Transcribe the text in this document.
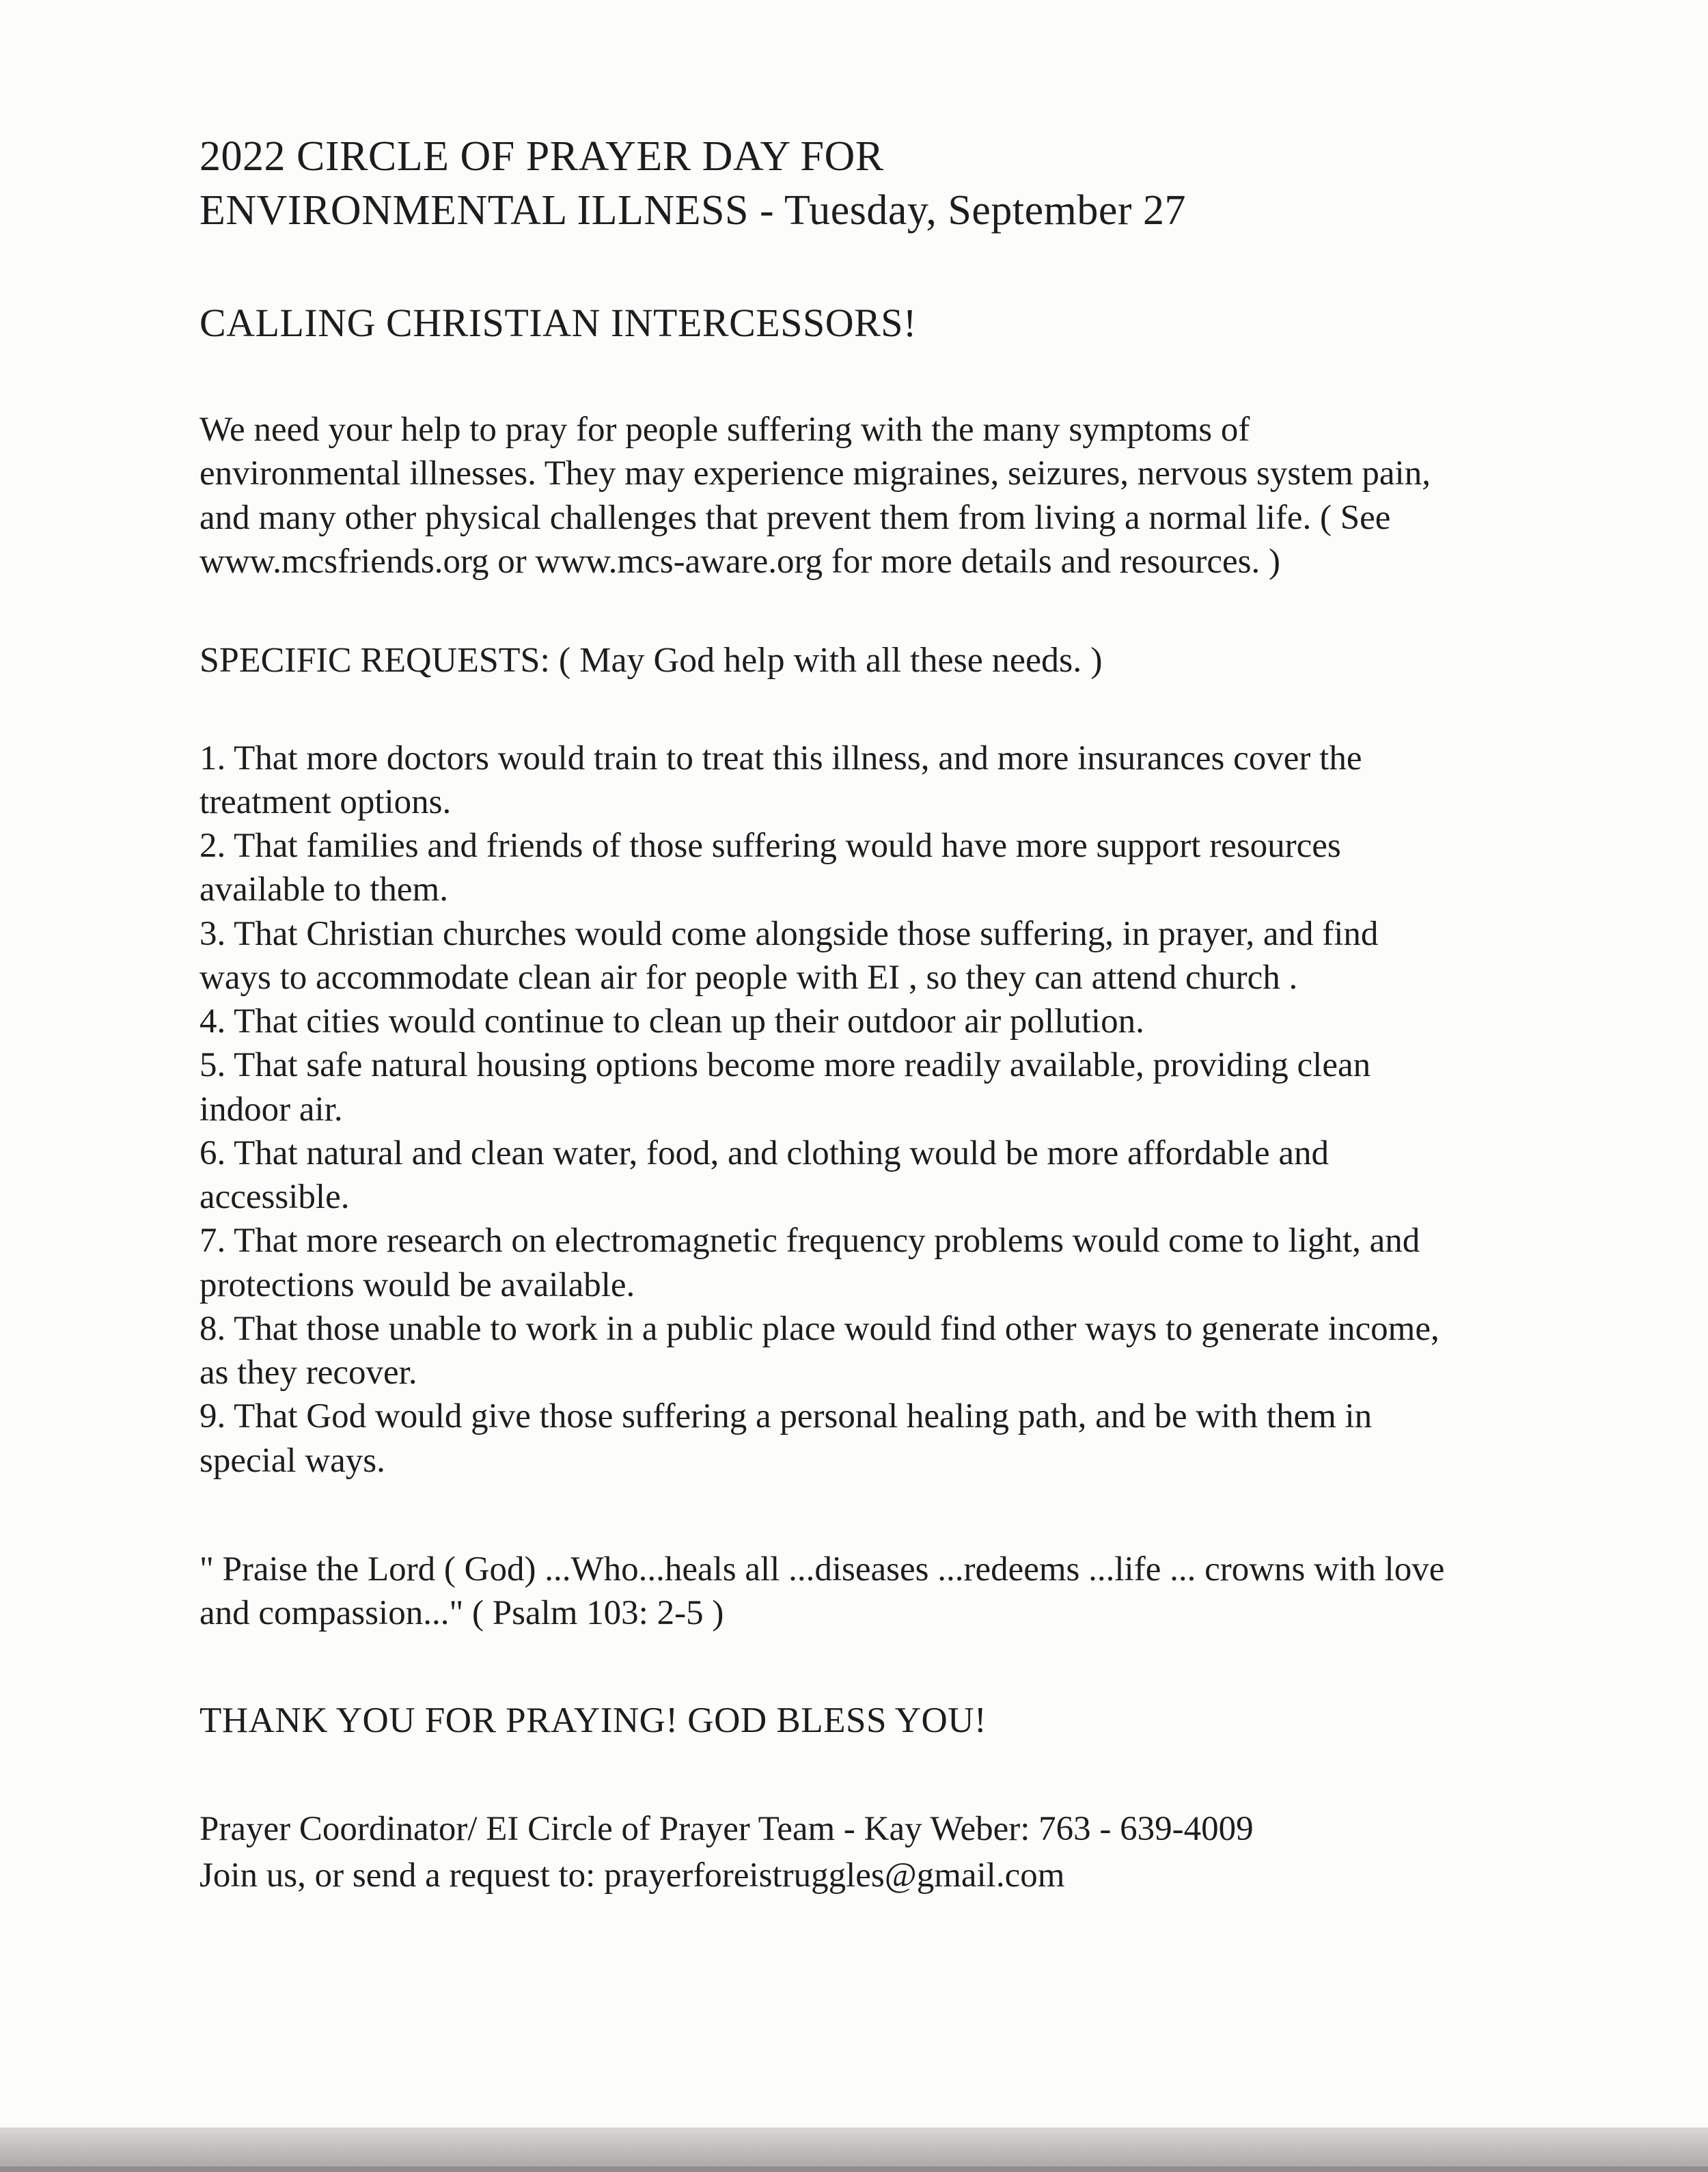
2022 CIRCLE OF PRAYER DAY FOR
ENVIRONMENTAL ILLNESS - Tuesday, September 27
CALLING CHRISTIAN INTERCESSORS!

We need your help to pray for people suffering with the many symptoms of environmental illnesses. They may experience migraines, seizures, nervous system pain, and many other physical challenges that prevent them from living a normal life. ( See www.mcsfriends.org or www.mcs-aware.org for more details and resources. )

SPECIFIC REQUESTS: ( May God help with all these needs. )

1. That more doctors would train to treat this illness, and more insurances cover the treatment options.
2. That families and friends of those suffering would have more support resources available to them.
3. That Christian churches would come alongside those suffering, in prayer, and find ways to accommodate clean air for people with EI , so they can attend church .
4. That cities would continue to clean up their outdoor air pollution.
5. That safe natural housing options become more readily available, providing clean indoor air.
6. That natural and clean water, food, and clothing would be more affordable and accessible.
7. That more research on electromagnetic frequency problems would come to light, and protections would be available.
8. That those unable to work in a public place would find other ways to generate income, as they recover.
9. That God would give those suffering a personal healing path, and be with them in special ways.

" Praise the Lord ( God) ...Who...heals all ...diseases ...redeems ...life ... crowns with love and compassion..." ( Psalm 103: 2-5 )

THANK YOU FOR PRAYING! GOD BLESS YOU!

Prayer Coordinator/ EI Circle of Prayer Team - Kay Weber: 763 - 639-4009
Join us, or send a request to: prayerforeistruggles@gmail.com
